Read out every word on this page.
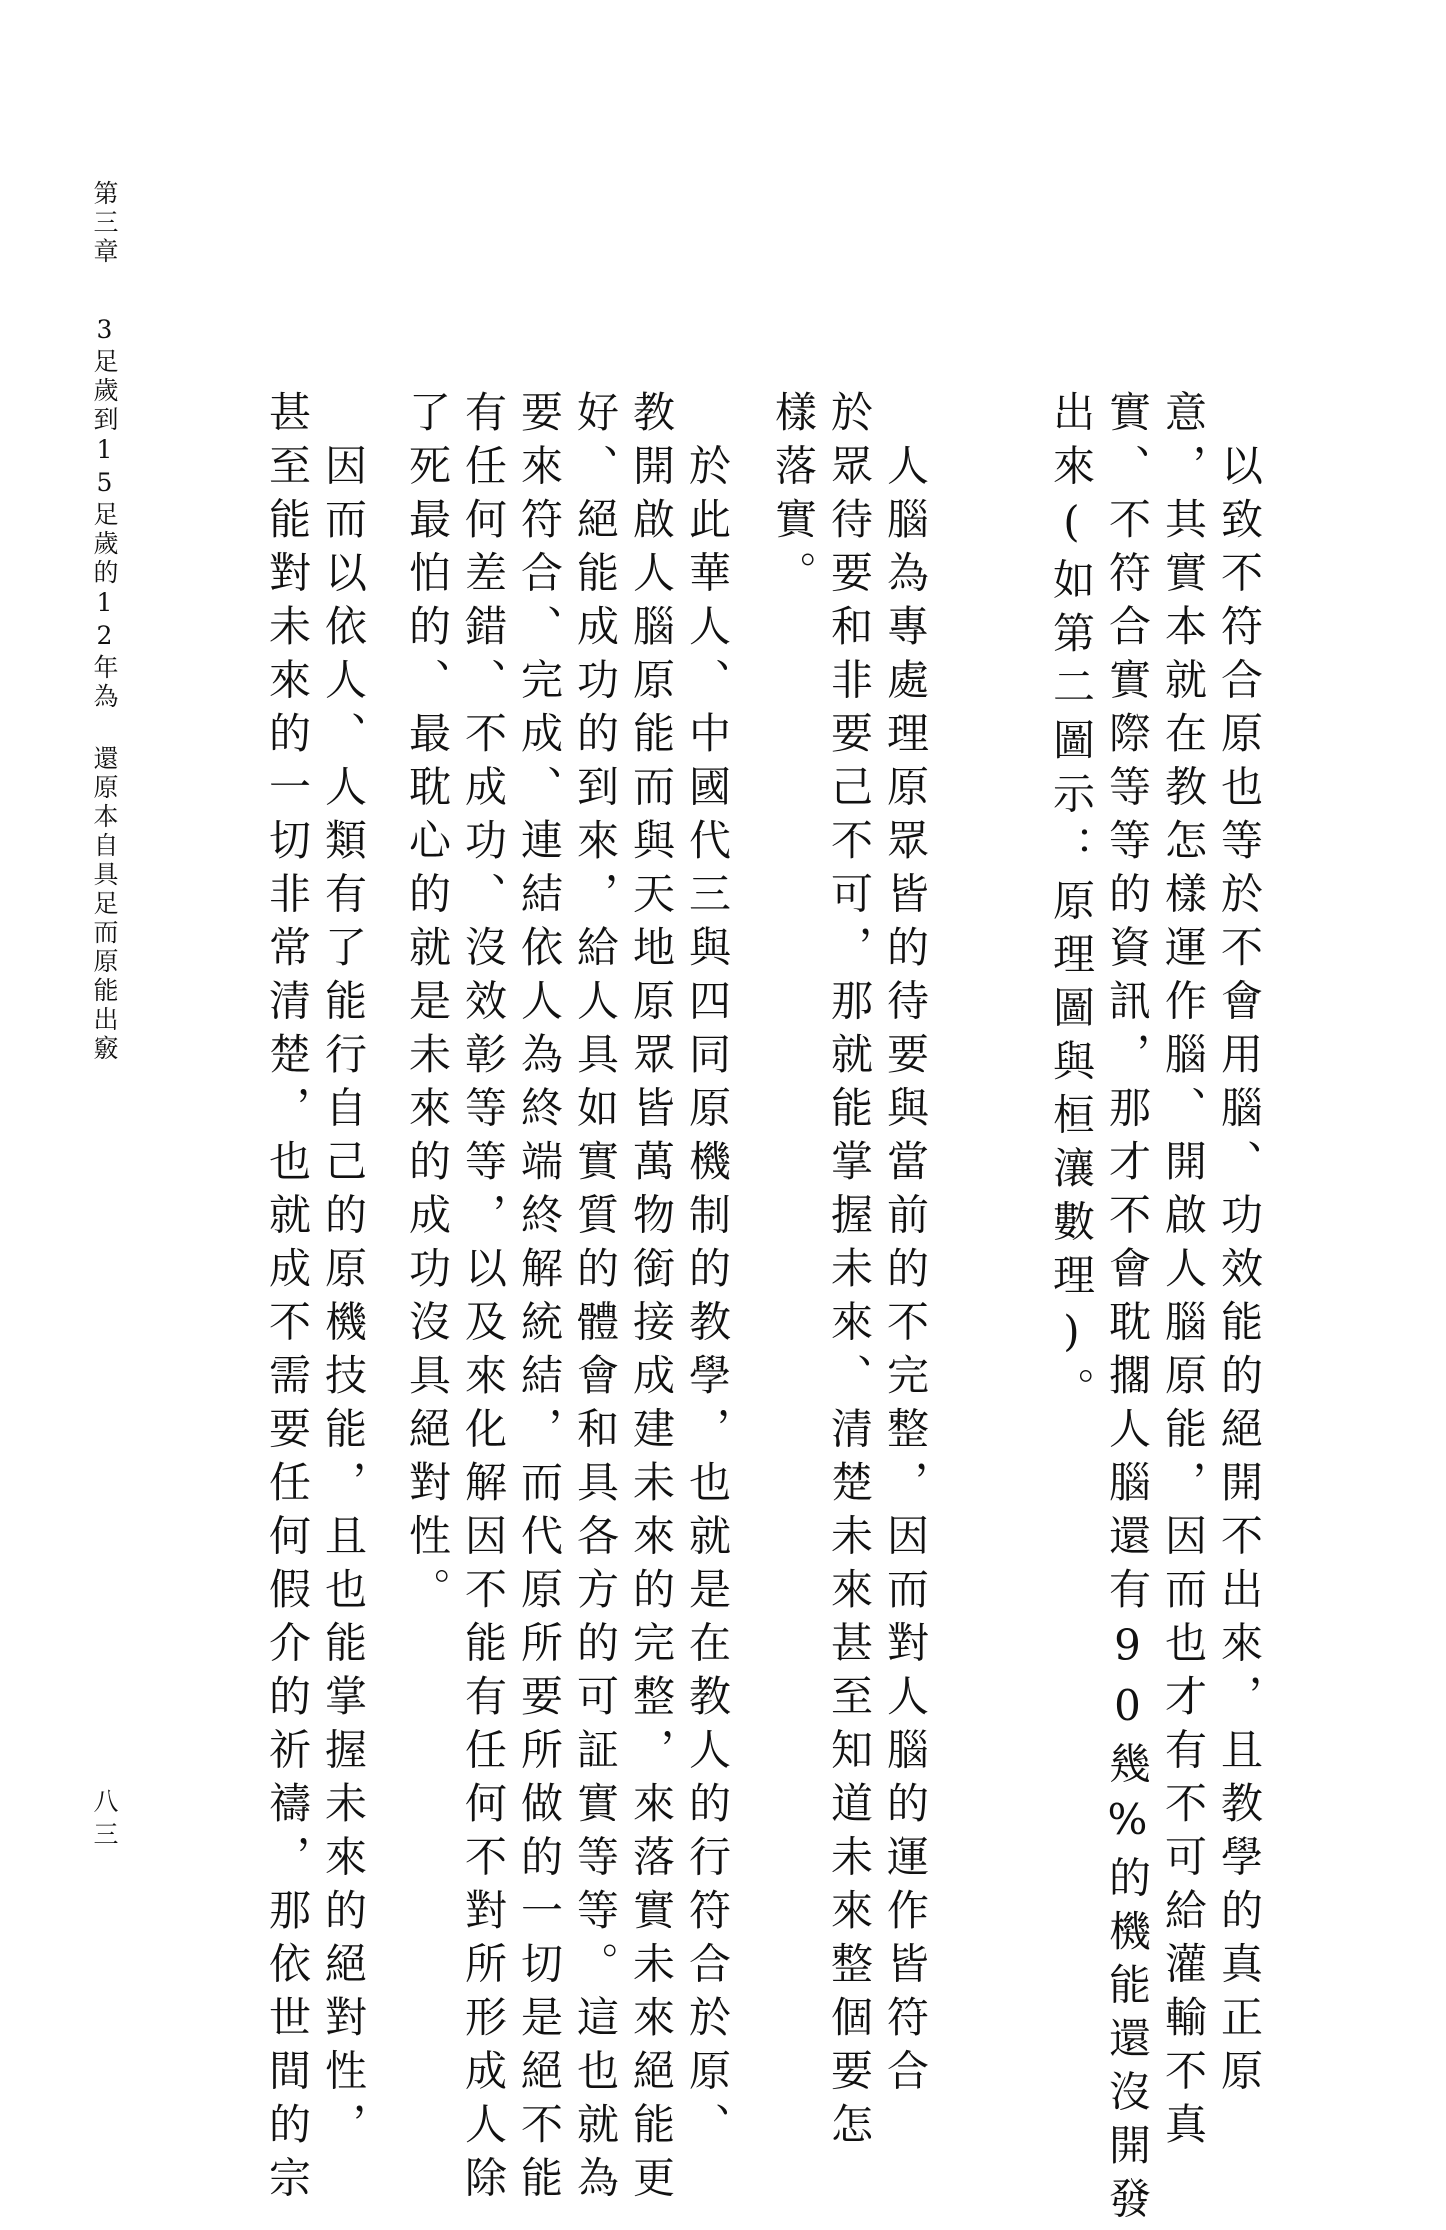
第三章
3足歲到15足歲的12年為 還原本自具足而原能出竅
八三	　以致不符合原也等於不會用腦、功效能的絕開不出來，且教學的真正原
意，其實本就在教怎樣運作腦、開啟人腦原能，因而也才有不可給灌輸不真
實、不符合實際等等的資訊，那才不會耽擱人腦還有90幾%的機能還沒開發
出來(如第二圖示：原理圖與桓瀼數理)。
　人腦為專處理原眾皆的待要與當前的不完整，因而對人腦的運作皆符合
於眾待要和非要己不可，那就能掌握未來、清楚未來甚至知道未來整個要怎
樣落實。
　於此華人、中國代三與四同原機制的教學，也就是在教人的行符合於原、
教開啟人腦原能而與天地原眾皆萬物銜接成建未來的完整，來落實未來絕能更
好、絕能成功的到來，給人具如實質的體會和具各方的可証實等等。這也就為
要來符合、完成、連結依人為終端終解統結，而代原所要所做的一切是絕不能
有任何差錯、不成功、沒效彰等等，以及來化解因不能有任何不對所形成人除
了死最怕的、最耽心的就是未來的成功沒具絕對性。
　因而以依人、人類有了能行自己的原機技能，且也能掌握未來的絕對性，
甚至能對未來的一切非常清楚，也就成不需要任何假介的祈禱，那依世間的宗
